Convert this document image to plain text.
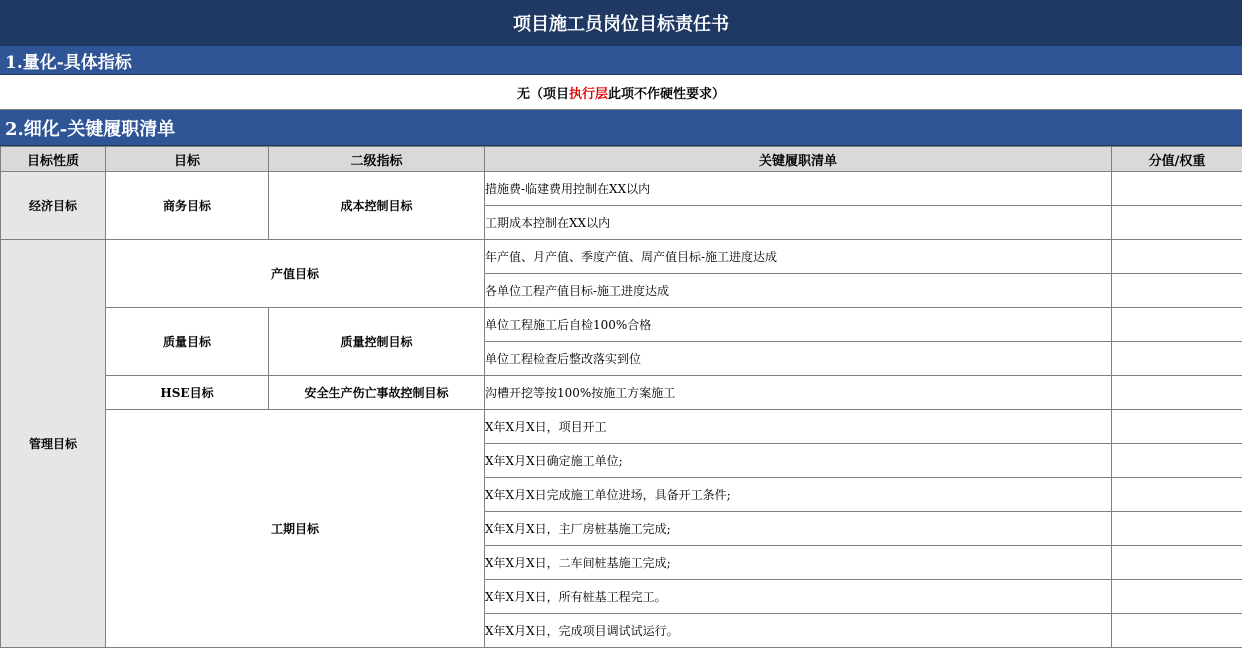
项目施工员岗位目标责任书
1.量化-具体指标
无（项目 执行层 此项不作硬性要求）
2.细化-关键履职清单
目标性质	目标	二级指标	关键履职清单	分值/权重
经济目标	商务目标	成本控制目标	措施费-临建费用控制在XX以内	
			工期成本控制在XX以内	
管理目标	产值目标		年产值、月产值、季度产值、周产值目标-施工进度达成	
			各单位工程产值目标-施工进度达成	
	质量目标	质量控制目标	单位工程施工后自检100%合格	
			单位工程检查后整改落实到位	
	HSE目标	安全生产伤亡事故控制目标	沟槽开挖等按100%按施工方案施工	
	工期目标		X年X月X日，项目开工	
			X年X月X日确定施工单位;	
			X年X月X日完成施工单位进场，具备开工条件;	
			X年X月X日，主厂房桩基施工完成;	
			X年X月X日，二车间桩基施工完成;	
			X年X月X日，所有桩基工程完工。	
			X年X月X日，完成项目调试试运行。	
